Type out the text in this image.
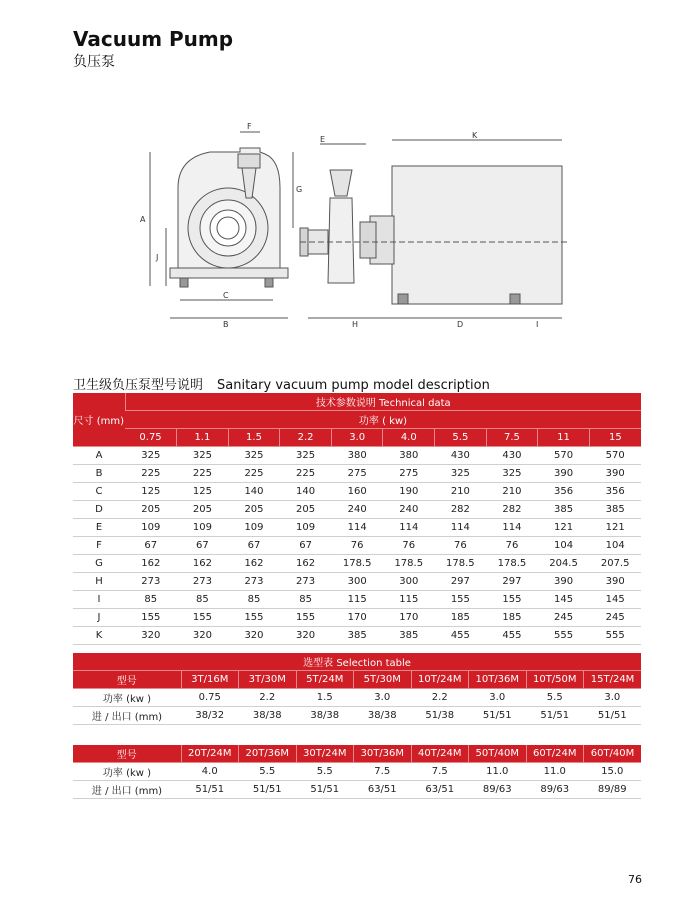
Vacuum Pump
负压泵
F
G
A
J
C
B
E	K
H	D	I
卫生级负压泵型号说明 Sanitary vacuum pump model description
尺寸 (mm)	技术参数说明 Technical data									
	功率 ( kw)									
	0.75	1.1	1.5	2.2	3.0	4.0	5.5	7.5	11	15
A	325	325	325	325	380	380	430	430	570	570
B	225	225	225	225	275	275	325	325	390	390
C	125	125	140	140	160	190	210	210	356	356
D	205	205	205	205	240	240	282	282	385	385
E	109	109	109	109	114	114	114	114	121	121
F	67	67	67	67	76	76	76	76	104	104
G	162	162	162	162	178.5	178.5	178.5	178.5	204.5	207.5
H	273	273	273	273	300	300	297	297	390	390
I	85	85	85	85	115	115	155	155	145	145
J	155	155	155	155	170	170	185	185	245	245
K	320	320	320	320	385	385	455	455	555	555
选型表 Selection table								
型号	3T/16M	3T/30M	5T/24M	5T/30M	10T/24M	10T/36M	10T/50M	15T/24M
功率 (kw )	0.75	2.2	1.5	3.0	2.2	3.0	5.5	3.0
进 / 出口 (mm)	38/32	38/38	38/38	38/38	51/38	51/51	51/51	51/51
型号	20T/24M	20T/36M	30T/24M	30T/36M	40T/24M	50T/40M	60T/24M	60T/40M
功率 (kw )	4.0	5.5	5.5	7.5	7.5	11.0	11.0	15.0
进 / 出口 (mm)	51/51	51/51	51/51	63/51	63/51	89/63	89/63	89/89
76
